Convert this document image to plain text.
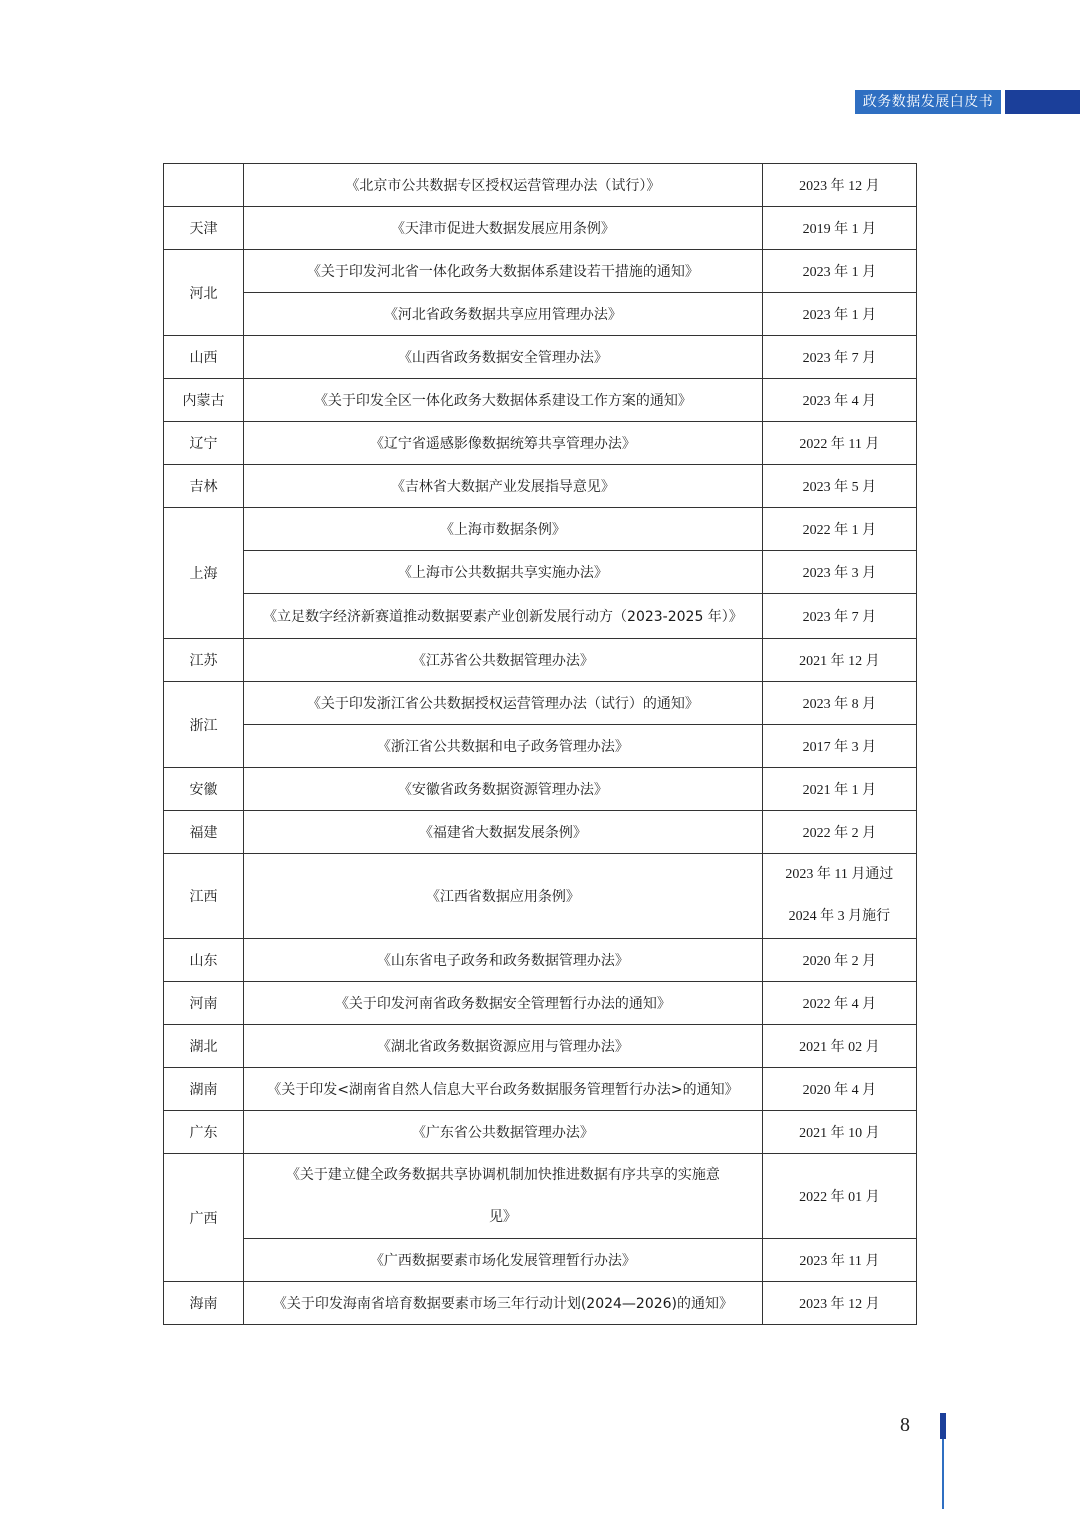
政务数据发展白皮书
	《北京市公共数据专区授权运营管理办法（试行）》	2023 年 12 月
天津	《天津市促进大数据发展应用条例》	2019 年 1 月
河北	《关于印发河北省一体化政务大数据体系建设若干措施的通知》	2023 年 1 月
	《河北省政务数据共享应用管理办法》	2023 年 1 月
山西	《山西省政务数据安全管理办法》	2023 年 7 月
内蒙古	《关于印发全区一体化政务大数据体系建设工作方案的通知》	2023 年 4 月
辽宁	《辽宁省遥感影像数据统筹共享管理办法》	2022 年 11 月
吉林	《吉林省大数据产业发展指导意见》	2023 年 5 月
上海	《上海市数据条例》	2022 年 1 月
	《上海市公共数据共享实施办法》	2023 年 3 月
	《立足数字经济新赛道推动数据要素产业创新发展行动方（2023-2025 年）》	2023 年 7 月
江苏	《江苏省公共数据管理办法》	2021 年 12 月
浙江	《关于印发浙江省公共数据授权运营管理办法（试行）的通知》	2023 年 8 月
	《浙江省公共数据和电子政务管理办法》	2017 年 3 月
安徽	《安徽省政务数据资源管理办法》	2021 年 1 月
福建	《福建省大数据发展条例》	2022 年 2 月
江西	《江西省数据应用条例》	2023 年 11 月通过
2024 年 3 月施行

山东	《山东省电子政务和政务数据管理办法》	2020 年 2 月
河南	《关于印发河南省政务数据安全管理暂行办法的通知》	2022 年 4 月
湖北	《湖北省政务数据资源应用与管理办法》	2021 年 02 月
湖南	《关于印发<湖南省自然人信息大平台政务数据服务管理暂行办法>的通知》	2020 年 4 月
广东	《广东省公共数据管理办法》	2021 年 10 月
广西	《关于建立健全政务数据共享协调机制加快推进数据有序共享的实施意
见》	2022 年 01 月
	《广西数据要素市场化发展管理暂行办法》	2023 年 11 月
海南	《关于印发海南省培育数据要素市场三年行动计划(2024—2026)的通知》	2023 年 12 月
8
